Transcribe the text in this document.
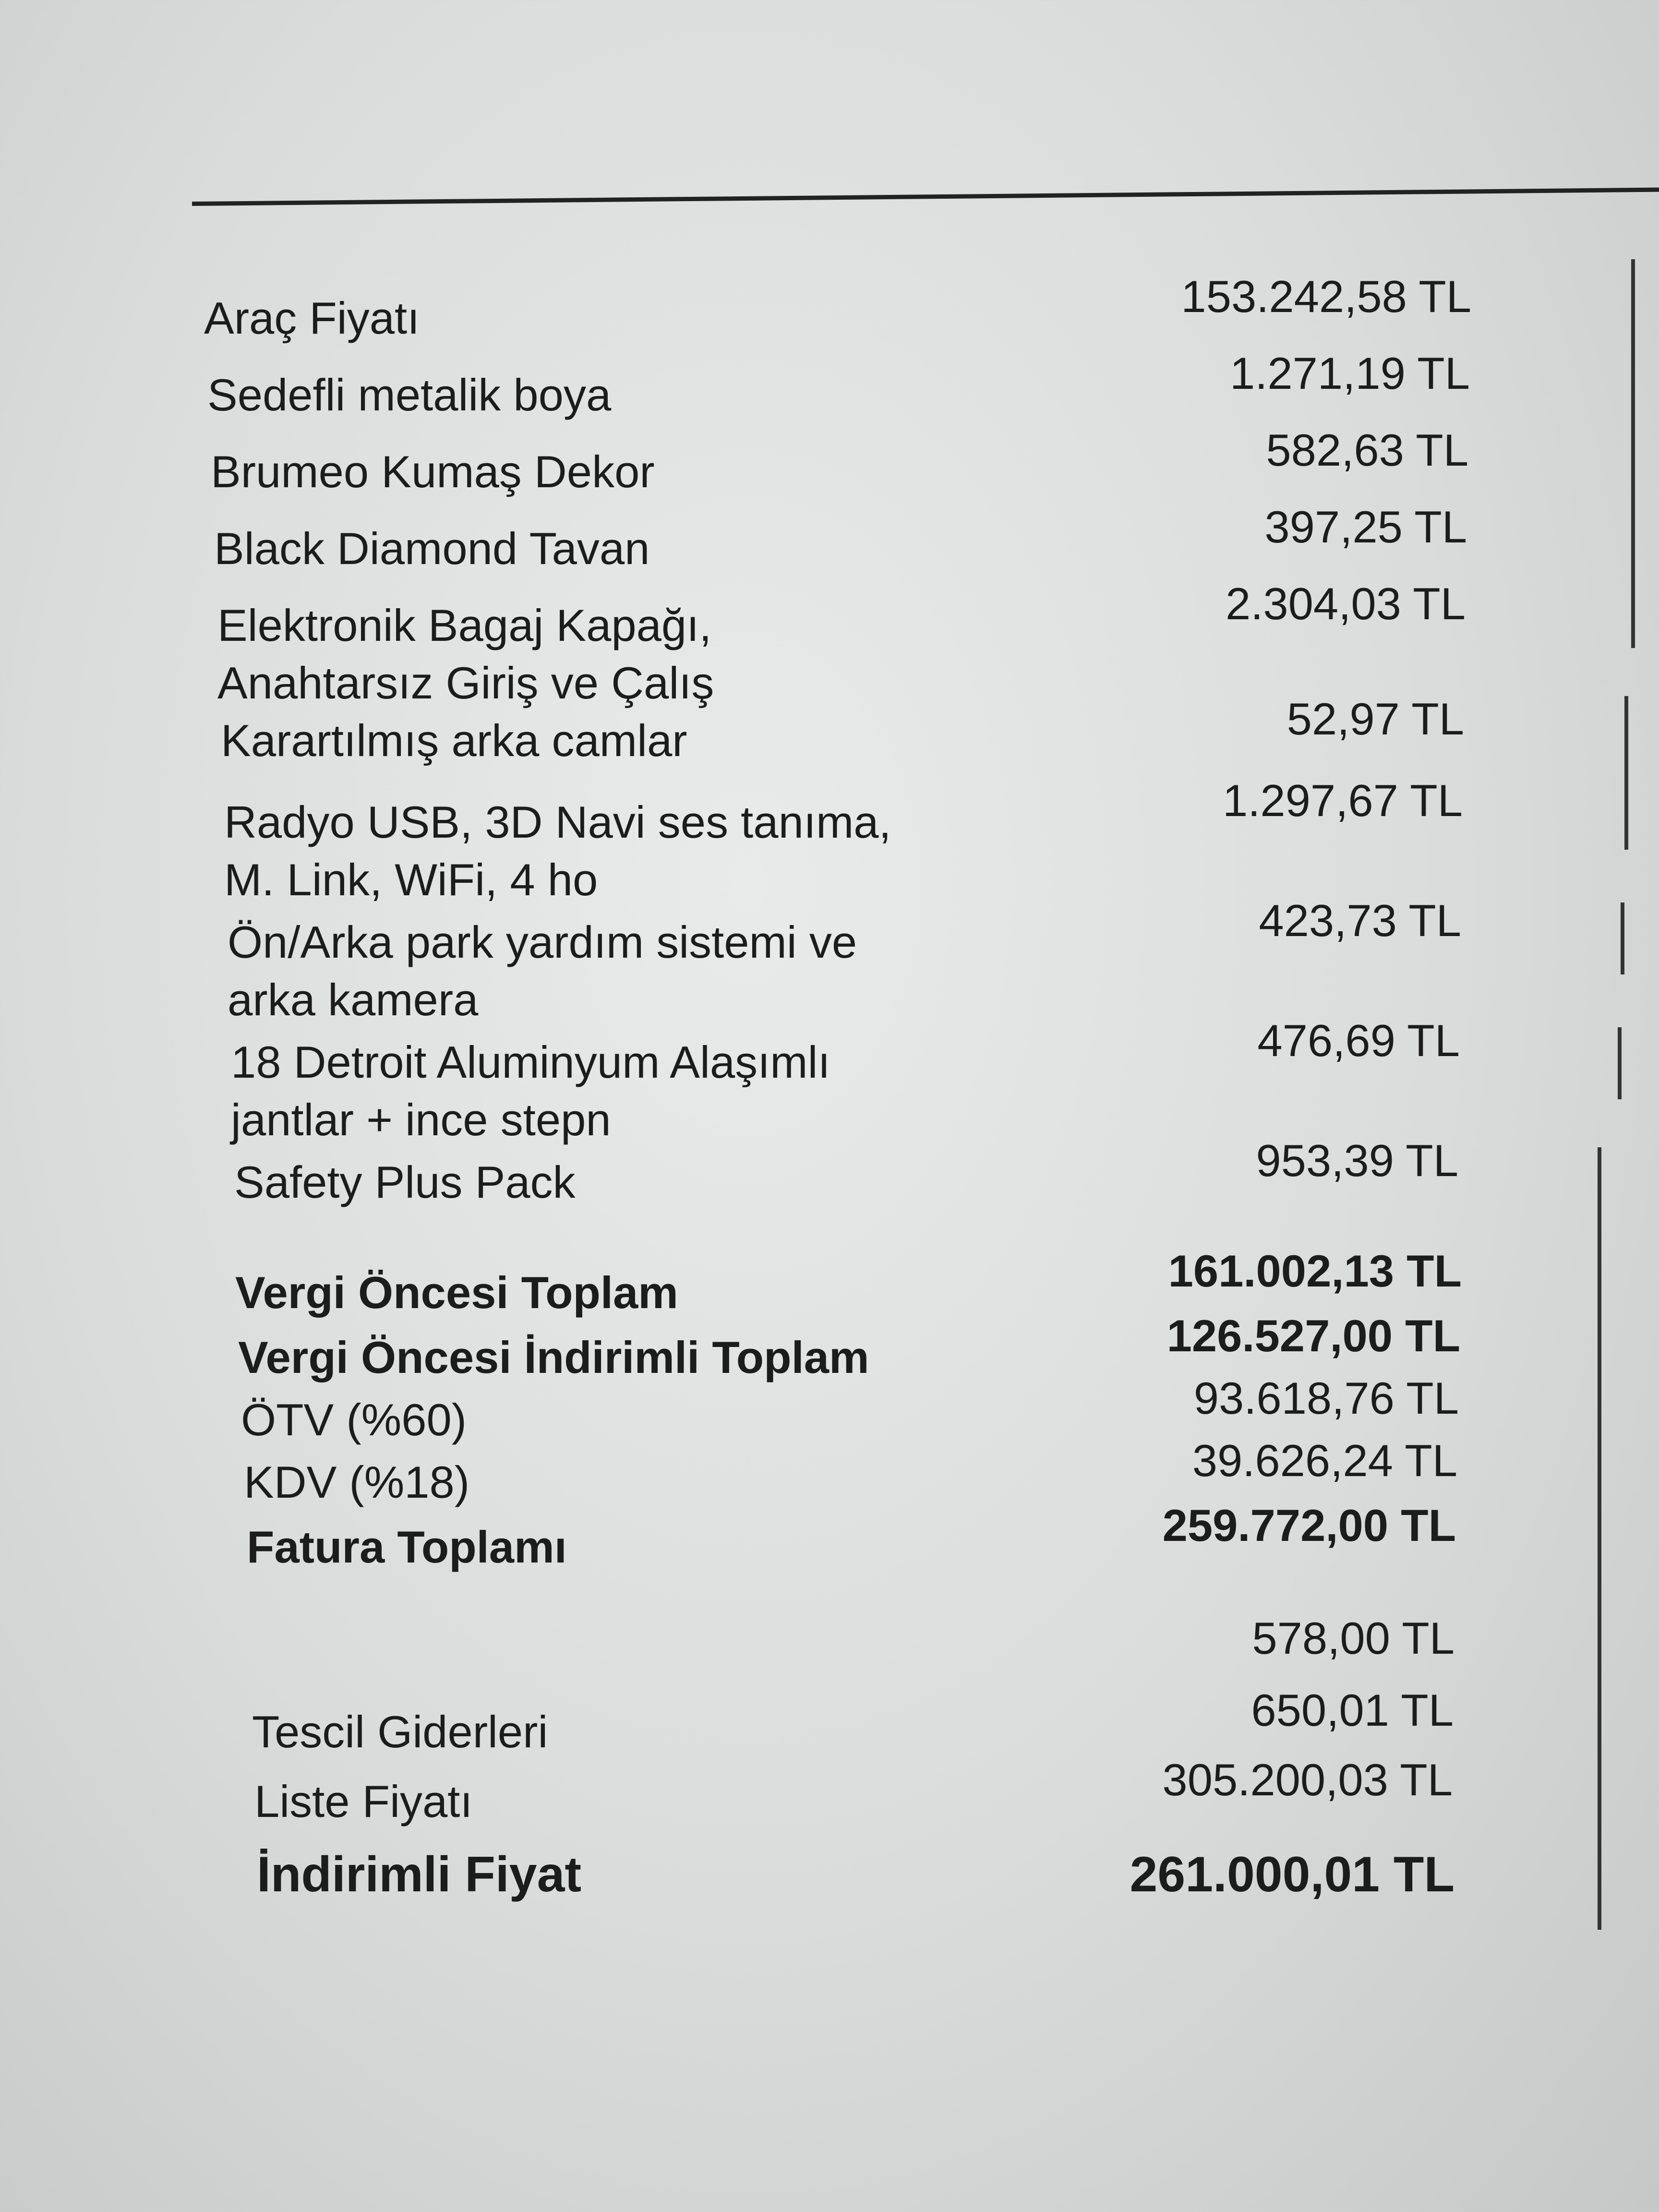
Araç Fiyatı	153.242,58 TL
Sedefli metalik boya	1.271,19 TL
Brumeo Kumaş Dekor	582,63 TL
Black Diamond Tavan	397,25 TL
Elektronik Bagaj Kapağı,
Anahtarsız Giriş ve Çalış
2.304,03 TL
Karartılmış arka camlar	52,97 TL
Radyo USB, 3D Navi ses tanıma,
M. Link, WiFi, 4 ho
1.297,67 TL
Ön/Arka park yardım sistemi ve
arka kamera
423,73 TL
18 Detroit Aluminyum Alaşımlı
jantlar + ince stepn
476,69 TL
Safety Plus Pack	953,39 TL
Vergi Öncesi Toplam	161.002,13 TL
Vergi Öncesi İndirimli Toplam	126.527,00 TL
ÖTV (%60)	93.618,76 TL
KDV (%18)	39.626,24 TL
Fatura Toplamı	259.772,00 TL
578,00 TL
Tescil Giderleri	650,01 TL
Liste Fiyatı	305.200,03 TL
İndirimli Fiyat	261.000,01 TL
